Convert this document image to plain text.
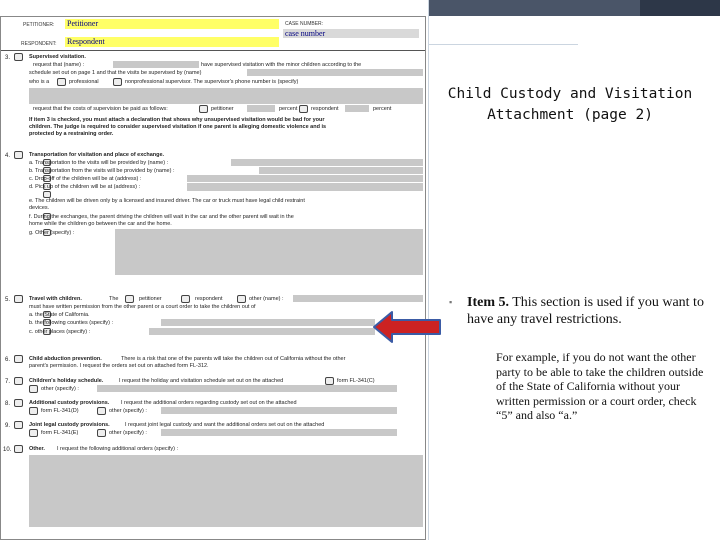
PETITIONER: Petitioner
RESPONDENT: Respondent
CASE NUMBER:
case number
3.	Supervised visitation.
request that (name) :	have supervised visitation with the minor children according to the
schedule set out on page 1 and that the visits be supervised by (name)
who is a	professional	nonprofessional supervisor. The supervisor's phone number is (specify)
request that the costs of supervision be paid as follows:	petitioner	percent respondent	percent
If item 3 is checked, you must attach a declaration that shows why unsupervised visitation would be bad for your
children. The judge is required to consider supervised visitation if one parent is alleging domestic violence and is
protected by a restraining order.
4.	Transportation for visitation and place of exchange.
a. Transportation to the visits will be provided by (name) :
b. Transportation from the visits will be provided by (name) :
c. Drop-off of the children will be at (address) :
d. Pick up of the children will be at (address) :
e. The children will be driven only by a licensed and insured driver. The car or truck must have legal child restraint
devices.
f. During the exchanges, the parent driving the children will wait in the car and the other parent will wait in the
home while the children go between the car and the home.
g. Other (specify) :
5.	Travel with children.	The	petitioner	respondent	other (name) :
must have written permission from the other parent or a court order to take the children out of
a. the State of California.
b. the following counties (specify) :
c. other places (specify) :
6.	Child abduction prevention.	There is a risk that one of the parents will take the children out of California without the other
parent's permission. I request the orders set out on attached form FL-312.
7.	Children's holiday schedule.	I request the holiday and visitation schedule set out on the attached	form FL-341(C)
other (specify) :
8.	Additional custody provisions. I request the additional orders regarding custody set out on the attached
form FL-341(D)	other (specify) :
9.	Joint legal custody provisions.	I request joint legal custody and want the additional orders set out on the attached
form FL-341(E)	other (specify) :
10.	Other. I request the following additional orders (specify) :
Child Custody and Visitation
Attachment (page 2)
▪ Item 5. This section is used if you want to have any travel restrictions.
For example, if you do not want the other party to be able to take the children outside of the State of California without your written permission or a court order, check “5” and also “a.”
